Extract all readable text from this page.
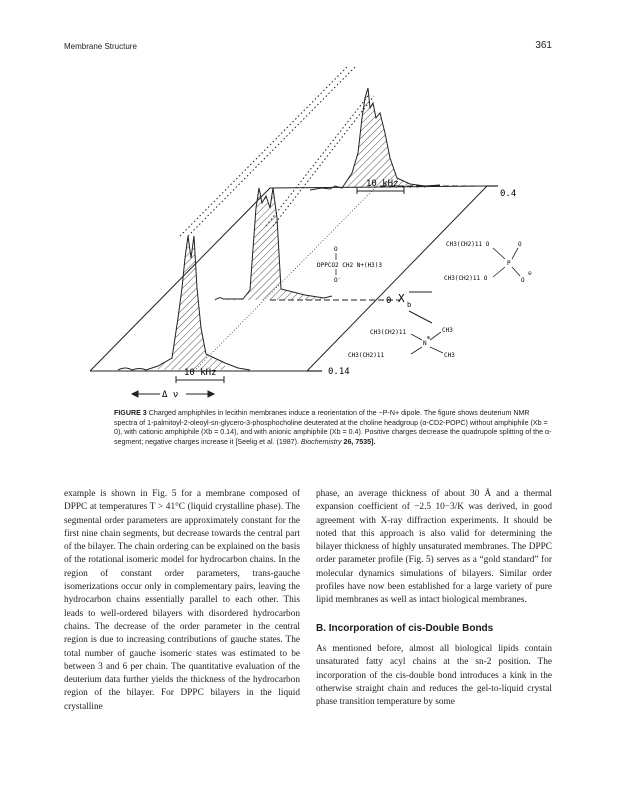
Membrane Structure	361
10 kHz
10 kHz
Δ ν
0
0.14
0.4
X b
O
DPPCO2 CH2 N+(H3)3
O⁻
CH3(CH2)11
CH3(CH2)11
N
⊕
CH3
CH3
CH3(CH2)11 O
CH3(CH2)11 O
P
O
O
⊖
FIGURE 3 Charged amphiphiles in lecithin membranes induce a reorientation of the −P-N+ dipole. The figure shows deuterium NMR spectra of 1-palmitoyl-2-oleoyl-sn-glycero-3-phosphocholine deuterated at the choline headgroup (α-CD2-POPC) without amphiphile (Xb = 0), with cationic amphiphile (Xb = 0.14), and with anionic amphiphile (Xb = 0.4). Positive charges decrease the quadrupole splitting of the α-segment; negative charges increase it [Seelig et al. (1987). Biochemistry 26, 7535].

example is shown in Fig. 5 for a membrane composed of DPPC at temperatures T > 41°C (liquid crystalline phase). The segmental order parameters are approximately constant for the first nine chain segments, but decrease towards the central part of the bilayer. The chain ordering can be explained on the basis of the rotational isomeric model for hydrocarbon chains. In the region of constant order parameters, trans-gauche isomerizations occur only in complementary pairs, leaving the hydrocarbon chains essentially parallel to each other. This leads to well-ordered bilayers with disordered hydrocarbon chains. The decrease of the order parameter in the central region is due to increasing contributions of gauche states. The total number of gauche isomeric states was estimated to be between 3 and 6 per chain. The quantitative evaluation of the deuterium data further yields the thickness of the hydrocarbon region of the bilayer. For DPPC bilayers in the liquid crystalline

phase, an average thickness of about 30 Å and a thermal expansion coefficient of −2.5 10−3/K was derived, in good agreement with X-ray diffraction experiments. It should be noted that this approach is also valid for determining the bilayer thickness of highly unsaturated membranes. The DPPC order parameter profile (Fig. 5) serves as a “gold standard” for molecular dynamics simulations of bilayers. Similar order profiles have now been established for a large variety of pure lipid membranes as well as intact biological membranes.

B. Incorporation of cis-Double Bonds

As mentioned before, almost all biological lipids contain unsaturated fatty acyl chains at the sn-2 position. The incorporation of the cis-double bond introduces a kink in the otherwise straight chain and reduces the gel-to-liquid crystal phase transition temperature by some
